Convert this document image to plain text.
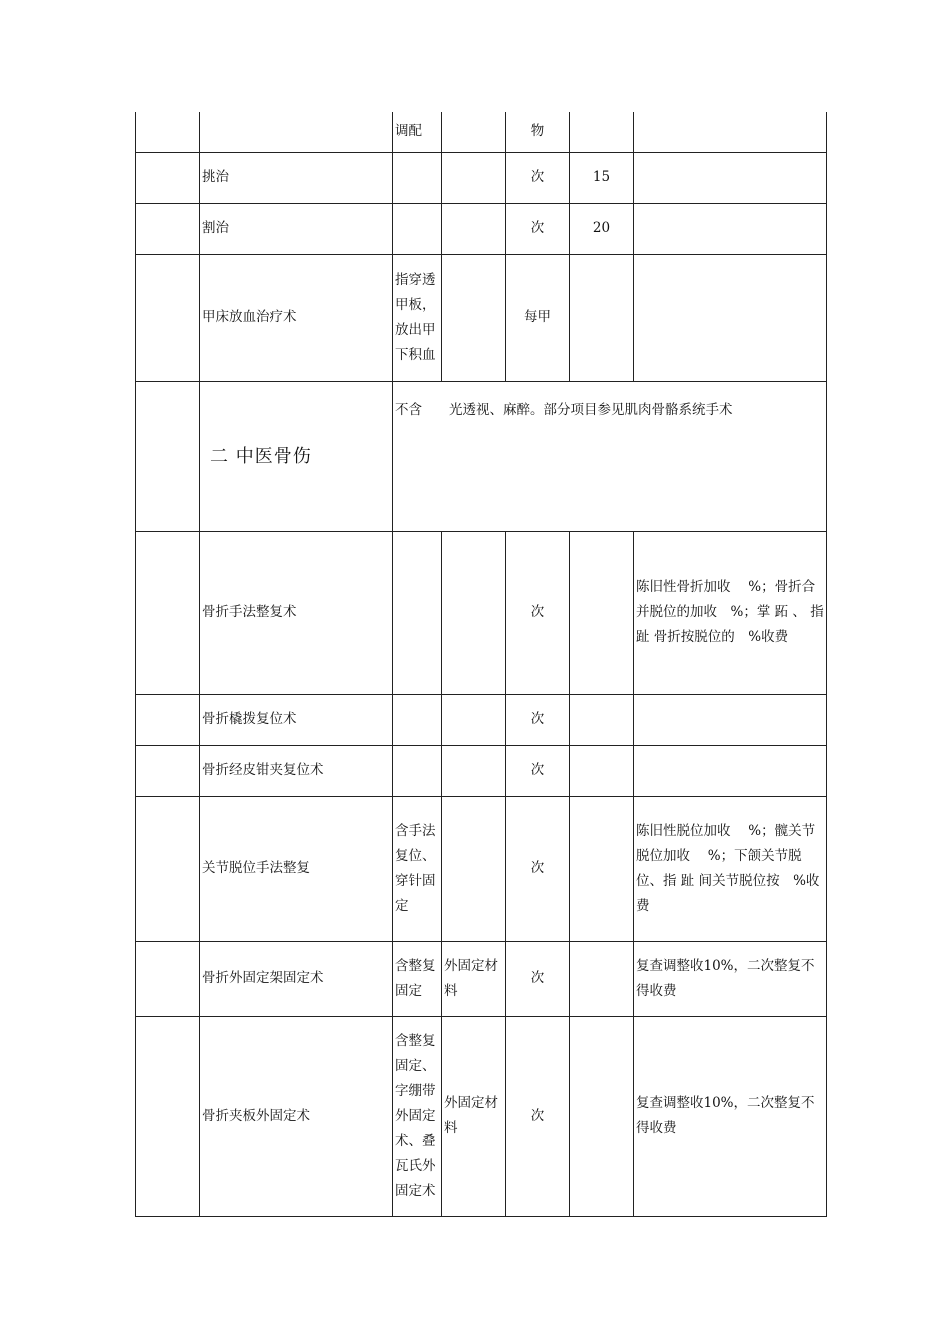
		调配		物		
	挑治			次	15	
	割治			次	20	
	甲床放血治疗术	指穿透甲板，放出甲下积血		每甲		
	二 中医骨伤	不含　　光透视、麻醉。部分项目参见肌肉骨骼系统手术				
	骨折手法整复术			次		陈旧性骨折加收　 %；骨折合并脱位的加收　%；掌 跖 、 指 趾 骨折按脱位的　%收费
	骨折橇拨复位术			次		
	骨折经皮钳夹复位术			次		
	关节脱位手法整复	含手法复位、穿针固定		次		陈旧性脱位加收　 %；髋关节脱位加收　 %；下颌关节脱位、指 趾 间关节脱位按　%收费
	骨折外固定架固定术	含整复固定	外固定材料	次		复查调整收10%，二次整复不得收费
	骨折夹板外固定术	含整复固定、字绷带外固定术、叠瓦氏外固定术	外固定材料	次		复查调整收10%，二次整复不得收费
